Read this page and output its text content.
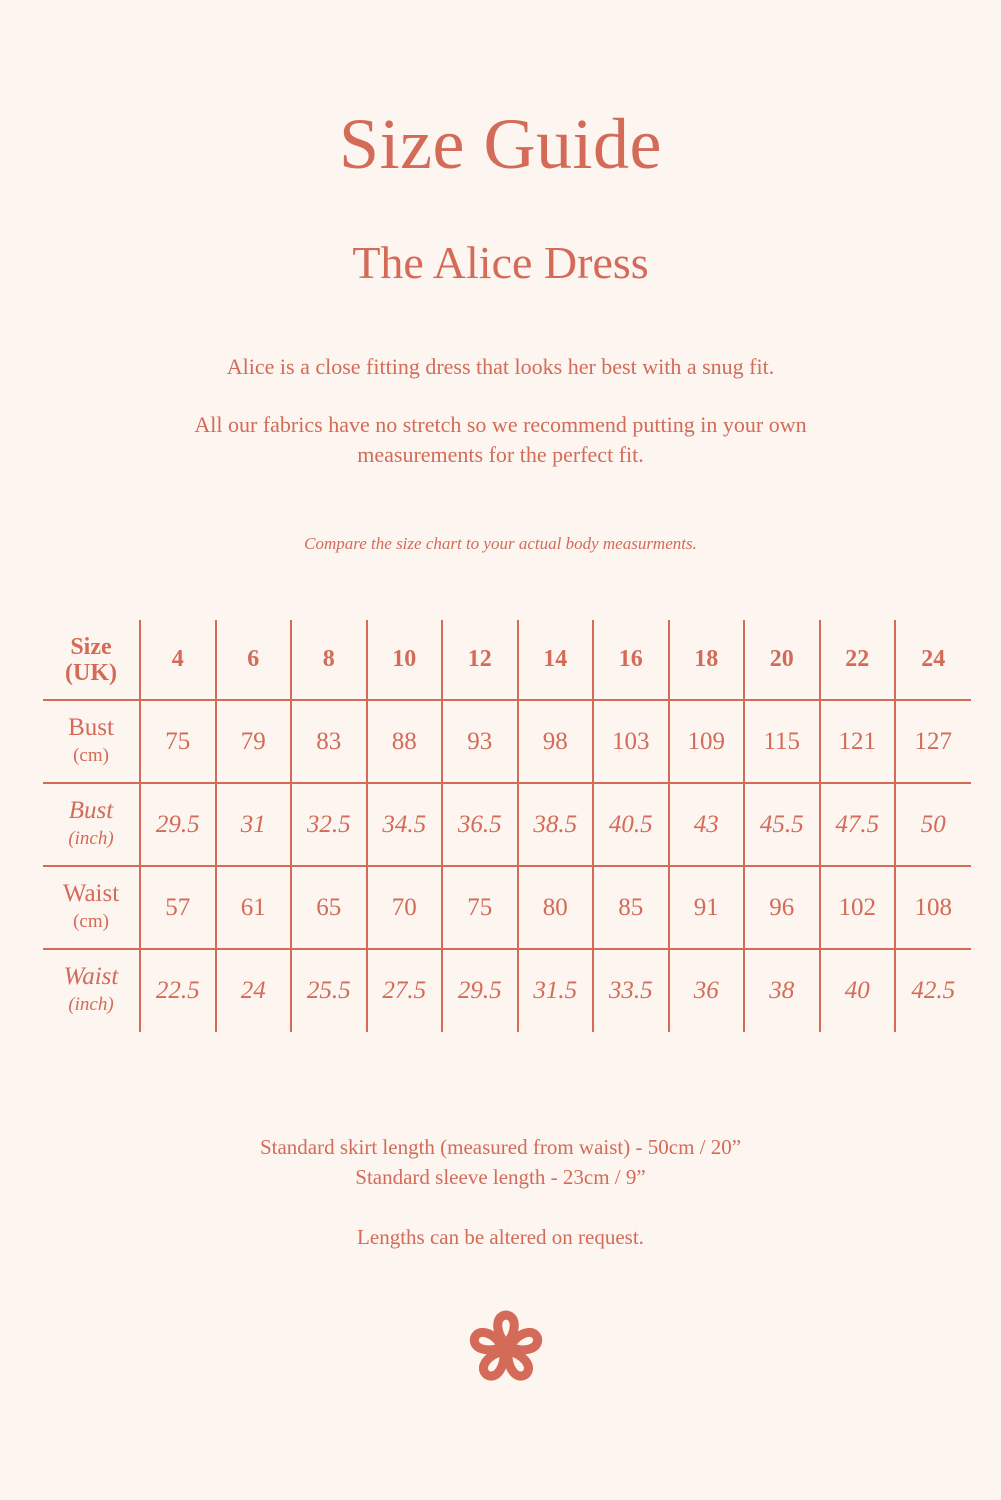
Size Guide
The Alice Dress

Alice is a close fitting dress that looks her best with a snug fit.

All our fabrics have no stretch so we recommend putting in your own measurements for the perfect fit.

Compare the size chart to your actual body measurments.
Size
(UK)	4	6	8	10	12	14	16	18	20	22	24
Bust
(cm)	75	79	83	88	93	98	103	109	115	121	127
Bust
(inch)	29.5	31	32.5	34.5	36.5	38.5	40.5	43	45.5	47.5	50
Waist
(cm)	57	61	65	70	75	80	85	91	96	102	108
Waist
(inch)	22.5	24	25.5	27.5	29.5	31.5	33.5	36	38	40	42.5

Standard skirt length (measured from waist) - 50cm / 20”

Standard sleeve length - 23cm / 9”

Lengths can be altered on request.
